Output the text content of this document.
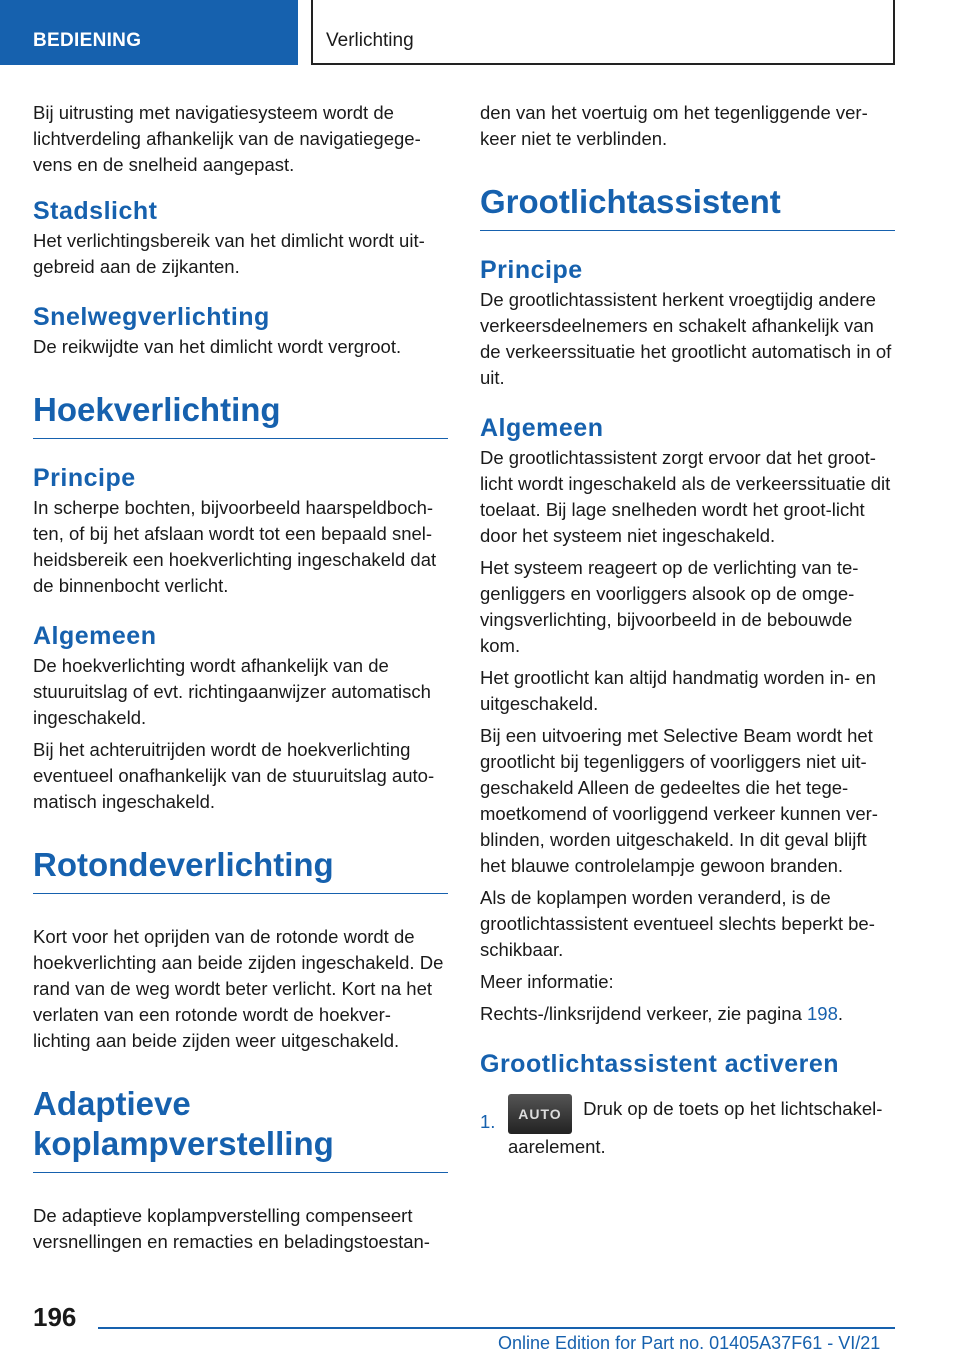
BEDIENING	Verlichting

Bij uitrusting met navigatiesysteem wordt de lichtverdeling afhankelijk van de navigatiegege-vens en de snelheid aangepast.

Stadslicht

Het verlichtingsbereik van het dimlicht wordt uit-gebreid aan de zijkanten.

Snelwegverlichting

De reikwijdte van het dimlicht wordt vergroot.

Hoekverlichting
Principe

In scherpe bochten, bijvoorbeeld haarspeldboch-ten, of bij het afslaan wordt tot een bepaald snel-heidsbereik een hoekverlichting ingeschakeld dat de binnenbocht verlicht.

Algemeen

De hoekverlichting wordt afhankelijk van de stuuruitslag of evt. richtingaanwijzer automatisch ingeschakeld.

Bij het achteruitrijden wordt de hoekverlichting eventueel onafhankelijk van de stuuruitslag auto-matisch ingeschakeld.

Rotondeverlichting

Kort voor het oprijden van de rotonde wordt de hoekverlichting aan beide zijden ingeschakeld. De rand van de weg wordt beter verlicht. Kort na het verlaten van een rotonde wordt de hoekver-lichting aan beide zijden weer uitgeschakeld.

Adaptieve koplampverstelling

De adaptieve koplampverstelling compenseert versnellingen en remacties en beladingstoestan-

den van het voertuig om het tegenliggende ver-keer niet te verblinden.

Grootlichtassistent
Principe

De grootlichtassistent herkent vroegtijdig andere verkeersdeelnemers en schakelt afhankelijk van de verkeerssituatie het grootlicht automatisch in of uit.

Algemeen

De grootlichtassistent zorgt ervoor dat het groot-licht wordt ingeschakeld als de verkeerssituatie dit toelaat. Bij lage snelheden wordt het groot-licht door het systeem niet ingeschakeld.

Het systeem reageert op de verlichting van te-genliggers en voorliggers alsook op de omge-vingsverlichting, bijvoorbeeld in de bebouwde kom.

Het grootlicht kan altijd handmatig worden in- en uitgeschakeld.

Bij een uitvoering met Selective Beam wordt het grootlicht bij tegenliggers of voorliggers niet uit-geschakeld Alleen de gedeeltes die het tege-moetkomend of voorliggend verkeer kunnen ver-blinden, worden uitgeschakeld. In dit geval blijft het blauwe controlelampje gewoon branden.

Als de koplampen worden veranderd, is de grootlichtassistent eventueel slechts beperkt be-schikbaar.

Meer informatie:

Rechts-/linksrijdend verkeer, zie pagina 198.

Grootlichtassistent activeren
1.	AUTO Druk op de toets op het lichtschakel-
aarelement.
196
Online Edition for Part no. 01405A37F61 - VI/21
